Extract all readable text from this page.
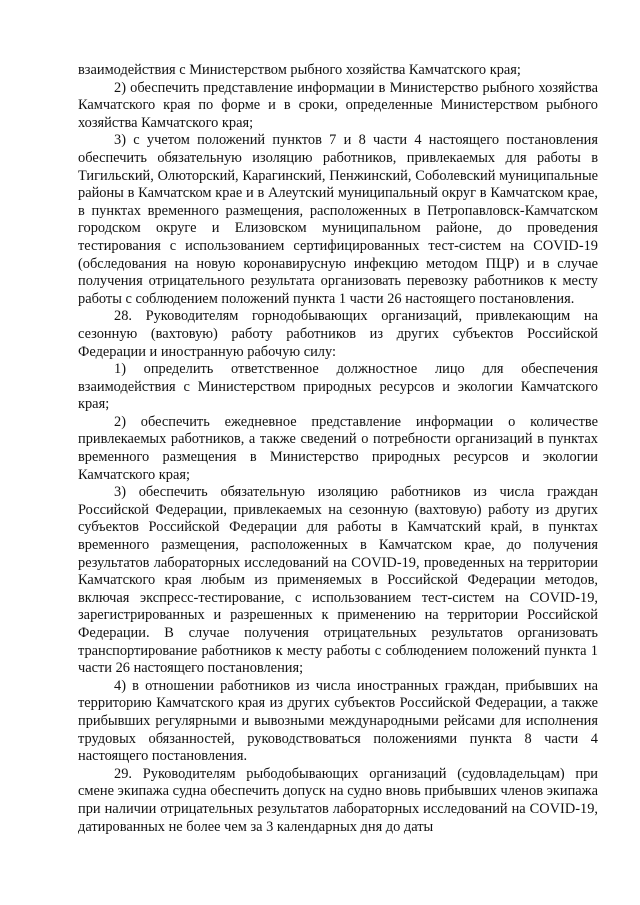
взаимодействия с Министерством рыбного хозяйства Камчатского края;

2) обеспечить представление информации в Министерство рыбного хозяйства Камчатского края по форме и в сроки, определенные Министерством рыбного хозяйства Камчатского края;

3) с учетом положений пунктов 7 и 8 части 4 настоящего постановления обеспечить обязательную изоляцию работников, привлекаемых для работы в Тигильский, Олюторский, Карагинский, Пенжинский, Соболевский муниципальные районы в Камчатском крае и в Алеутский муниципальный округ в Камчатском крае, в пунктах временного размещения, расположенных в Петропавловск-Камчатском городском округе и Елизовском муниципальном районе, до проведения тестирования с использованием сертифицированных тест-систем на COVID-19 (обследования на новую коронавирусную инфекцию методом ПЦР) и в случае получения отрицательного результата организовать перевозку работников к месту работы с соблюдением положений пункта 1 части 26 настоящего постановления.

28. Руководителям горнодобывающих организаций, привлекающим на сезонную (вахтовую) работу работников из других субъектов Российской Федерации и иностранную рабочую силу:

1) определить ответственное должностное лицо для обеспечения взаимодействия с Министерством природных ресурсов и экологии Камчатского края;

2) обеспечить ежедневное представление информации о количестве привлекаемых работников, а также сведений о потребности организаций в пунктах временного размещения в Министерство природных ресурсов и экологии Камчатского края;

3) обеспечить обязательную изоляцию работников из числа граждан Российской Федерации, привлекаемых на сезонную (вахтовую) работу из других субъектов Российской Федерации для работы в Камчатский край, в пунктах временного размещения, расположенных в Камчатском крае, до получения результатов лабораторных исследований на COVID-19, проведенных на территории Камчатского края любым из применяемых в Российской Федерации методов, включая экспресс-тестирование, с использованием тест-систем на COVID-19, зарегистрированных и разрешенных к применению на территории Российской Федерации. В случае получения отрицательных результатов организовать транспортирование работников к месту работы с соблюдением положений пункта 1 части 26 настоящего постановления;

4) в отношении работников из числа иностранных граждан, прибывших на территорию Камчатского края из других субъектов Российской Федерации, а также прибывших регулярными и вывозными международными рейсами для исполнения трудовых обязанностей, руководствоваться положениями пункта 8 части 4 настоящего постановления.

29. Руководителям рыбодобывающих организаций (судовладельцам) при смене экипажа судна обеспечить допуск на судно вновь прибывших членов экипажа при наличии отрицательных результатов лабораторных исследований на COVID-19, датированных не более чем за 3 календарных дня до даты
